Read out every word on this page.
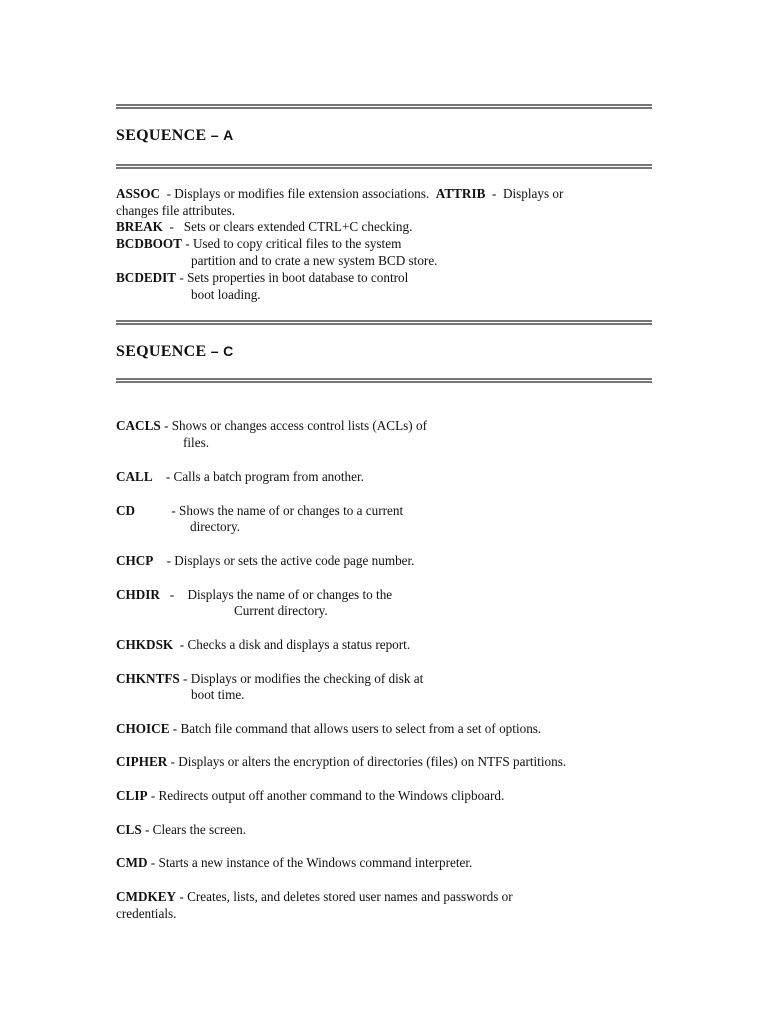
SEQUENCE – A
ASSOC  - Displays or modifies file extension associations.  ATTRIB  -  Displays or
changes file attributes.
BREAK  -   Sets or clears extended CTRL+C checking.
BCDBOOT - Used to copy critical files to the system
partition and to crate a new system BCD store.
BCDEDIT - Sets properties in boot database to control
boot loading.
SEQUENCE – C
CACLS - Shows or changes access control lists (ACLs) of
files.
CALL    - Calls a batch program from another.
CD           - Shows the name of or changes to a current
directory.
CHCP    - Displays or sets the active code page number.
CHDIR   -    Displays the name of or changes to the
Current directory.
CHKDSK  - Checks a disk and displays a status report.
CHKNTFS - Displays or modifies the checking of disk at
boot time.
CHOICE - Batch file command that allows users to select from a set of options.
CIPHER - Displays or alters the encryption of directories (files) on NTFS partitions.
CLIP - Redirects output off another command to the Windows clipboard.
CLS - Clears the screen.
CMD - Starts a new instance of the Windows command interpreter.
CMDKEY - Creates, lists, and deletes stored user names and passwords or
credentials.
